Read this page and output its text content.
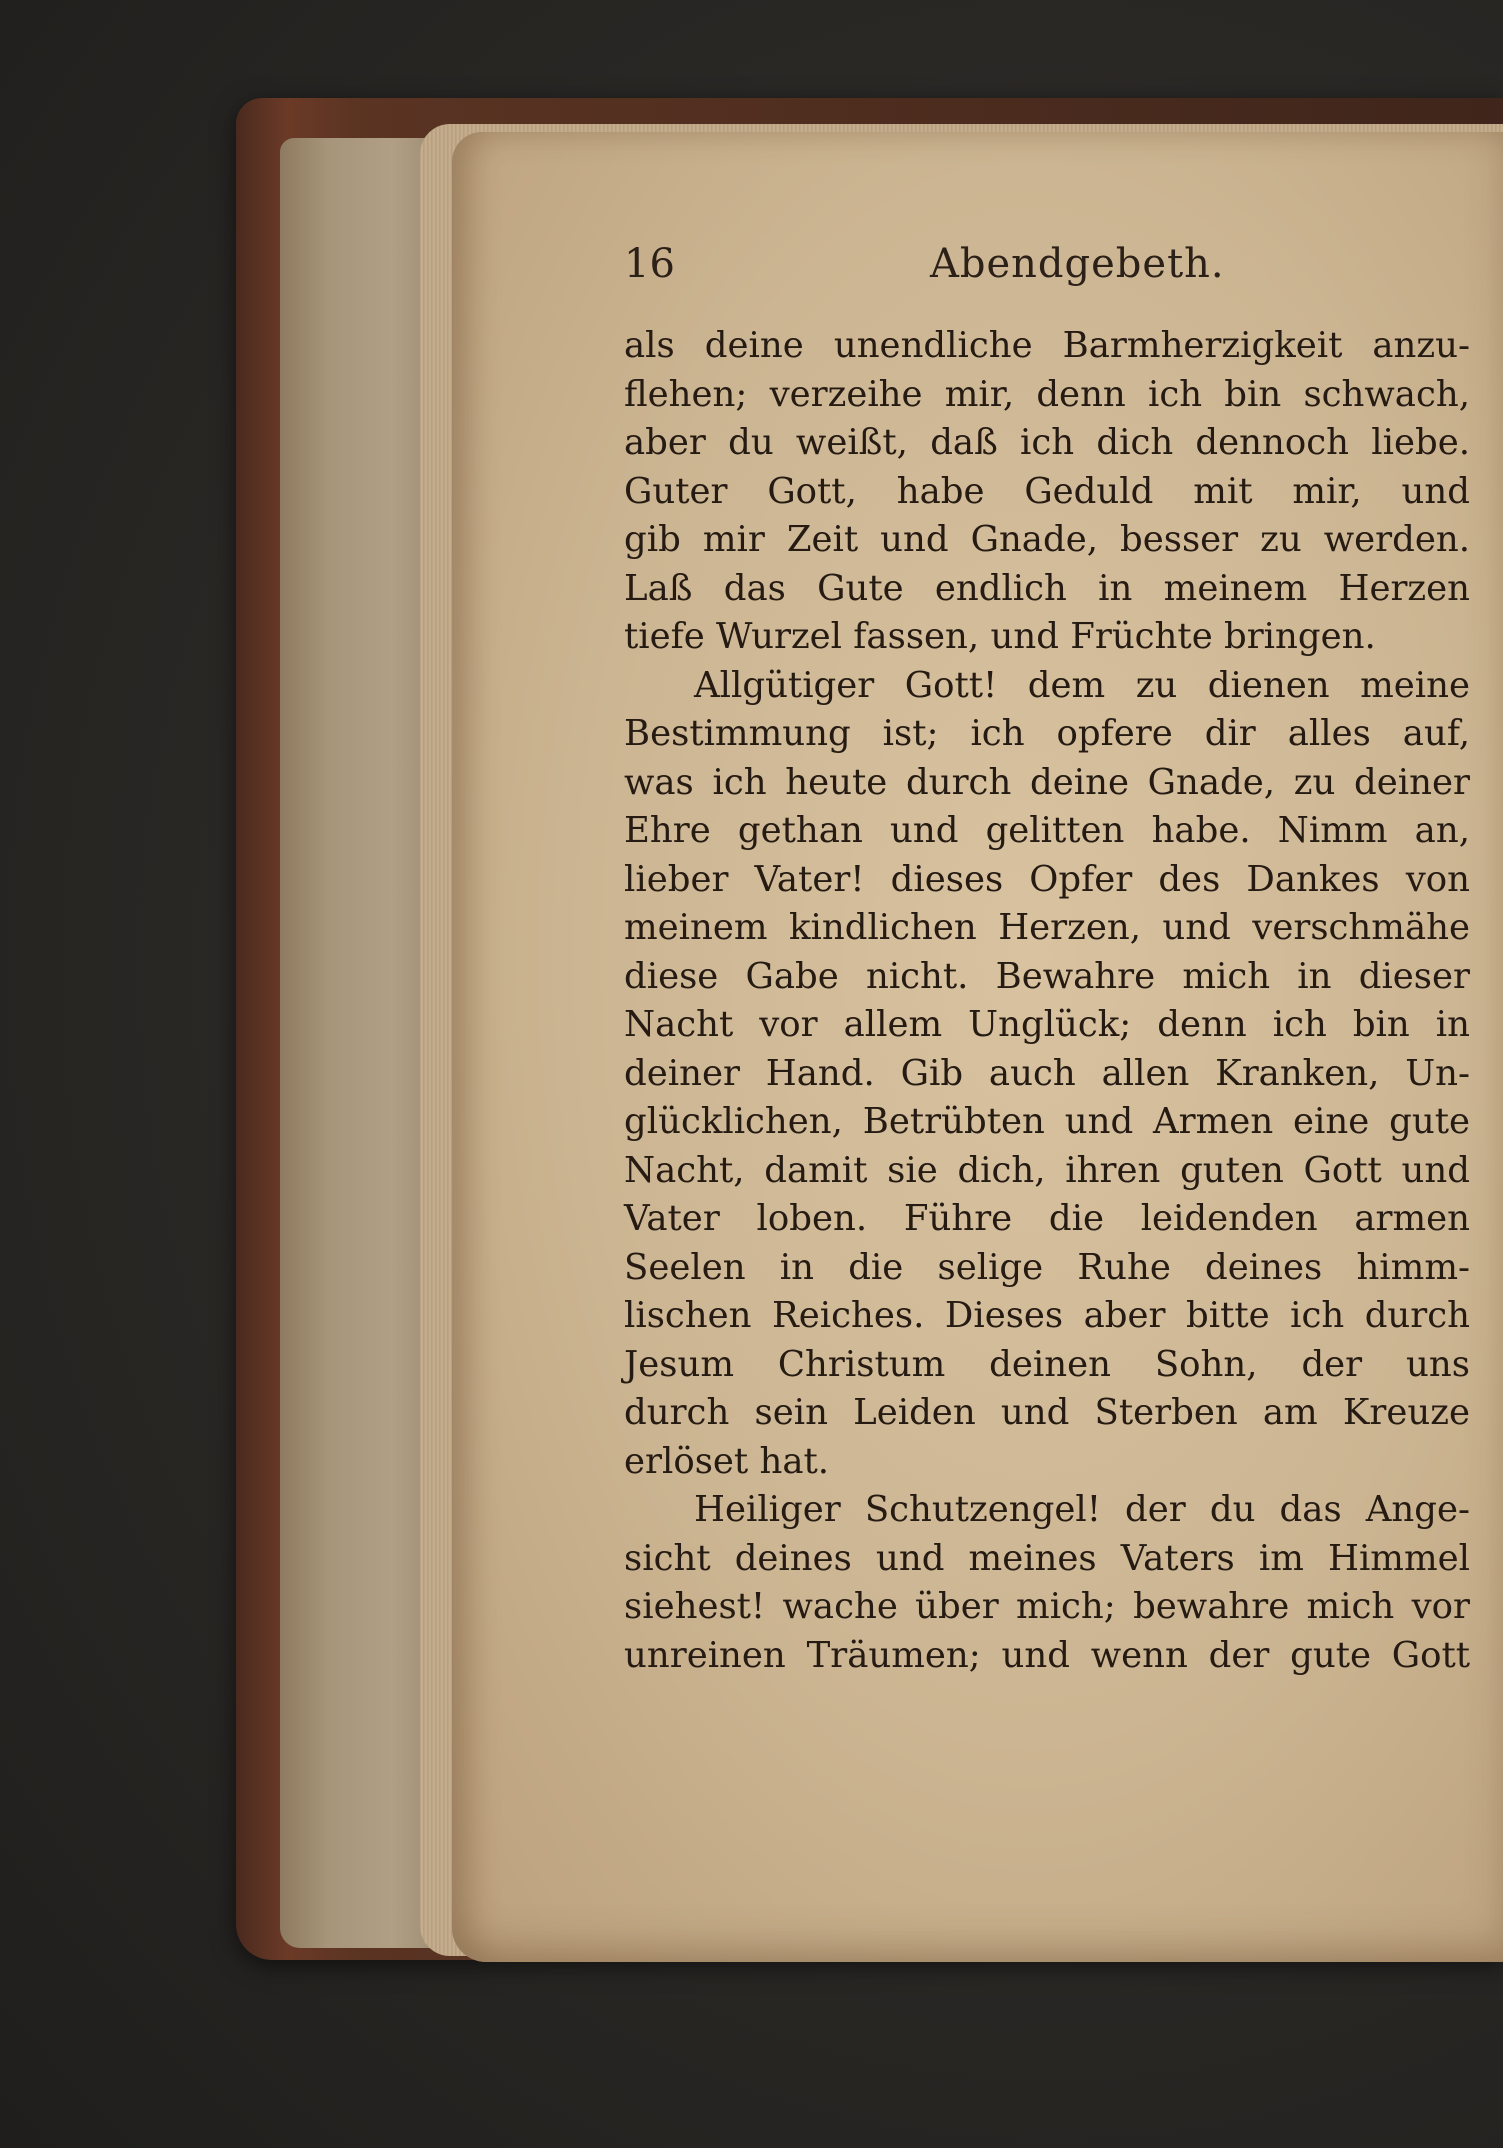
16	Abendgebeth.
als deine unendliche Barmherzigkeit anzu-
flehen; verzeihe mir, denn ich bin schwach,
aber du weißt, daß ich dich dennoch liebe.
Guter Gott, habe Geduld mit mir, und
gib mir Zeit und Gnade, besser zu werden.
Laß das Gute endlich in meinem Herzen
tiefe Wurzel fassen, und Früchte bringen.
Allgütiger Gott! dem zu dienen meine
Bestimmung ist; ich opfere dir alles auf,
was ich heute durch deine Gnade, zu deiner
Ehre gethan und gelitten habe. Nimm an,
lieber Vater! dieses Opfer des Dankes von
meinem kindlichen Herzen, und verschmähe
diese Gabe nicht. Bewahre mich in dieser
Nacht vor allem Unglück; denn ich bin in
deiner Hand. Gib auch allen Kranken, Un-
glücklichen, Betrübten und Armen eine gute
Nacht, damit sie dich, ihren guten Gott und
Vater loben. Führe die leidenden armen
Seelen in die selige Ruhe deines himm-
lischen Reiches. Dieses aber bitte ich durch
Jesum Christum deinen Sohn, der uns
durch sein Leiden und Sterben am Kreuze
erlöset hat.
Heiliger Schutzengel! der du das Ange-
sicht deines und meines Vaters im Himmel
siehest! wache über mich; bewahre mich vor
unreinen Träumen; und wenn der gute Gott
